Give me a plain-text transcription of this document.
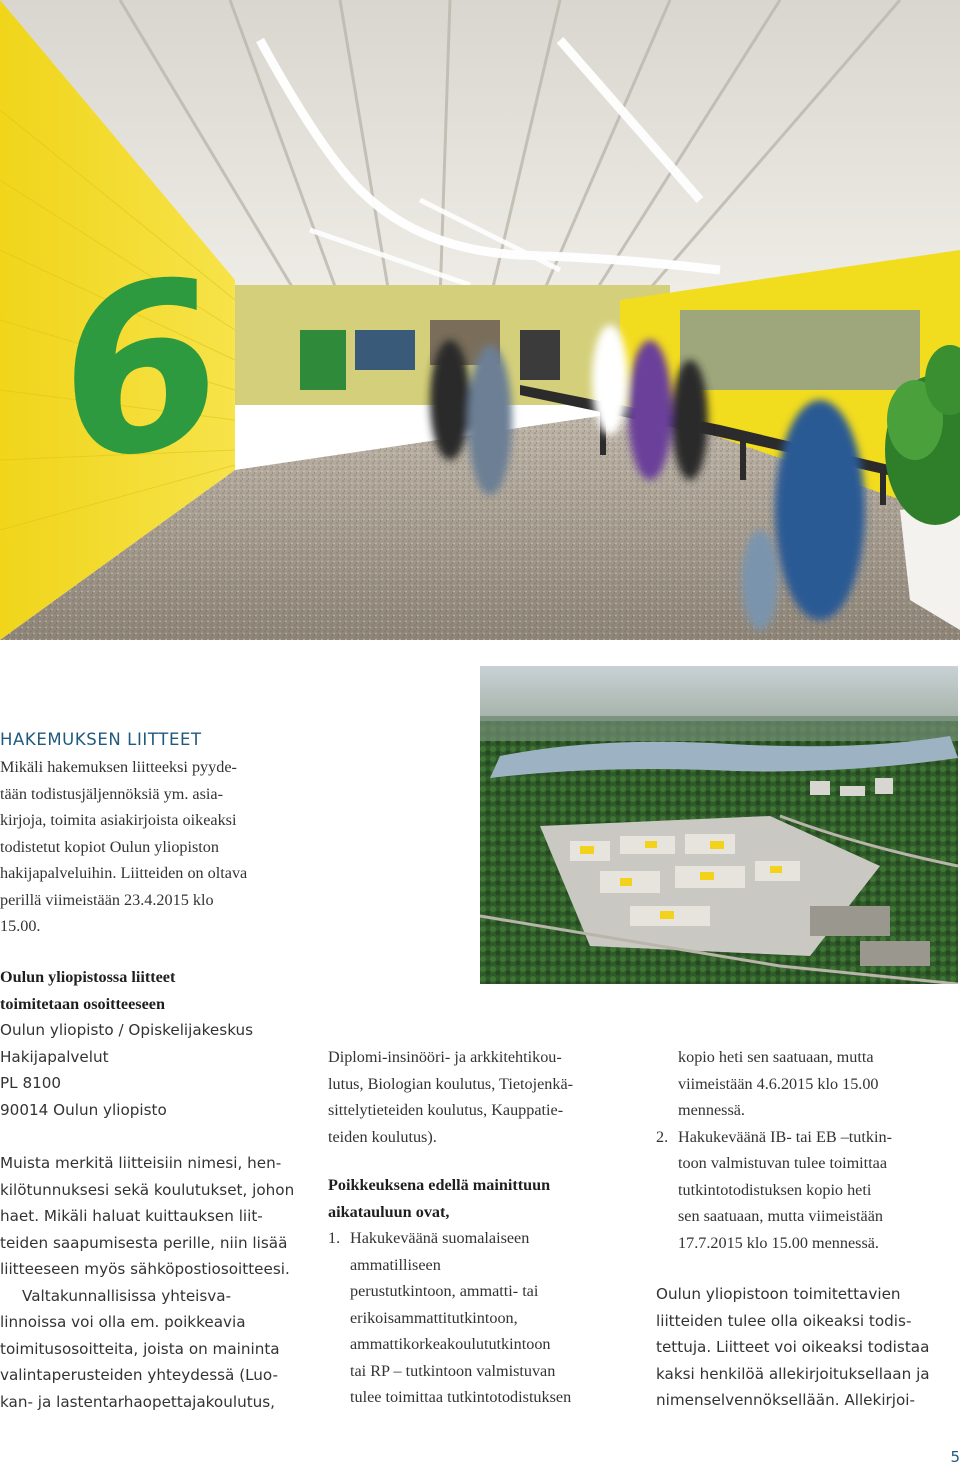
6

HAKEMUKSEN LIITTEET

Mikäli hakemuksen liitteeksi pyyde-
tään todistusjäljennöksiä ym. asia-
kirjoja, toimita asiakirjoista oikeaksi
todistetut kopiot Oulun yliopiston
hakijapalveluihin. Liitteiden on oltava
perillä viimeistään 23.4.2015 klo
15.00.

Oulun yliopistossa liitteet
toimitetaan osoitteeseen

Oulun yliopisto / Opiskelijakeskus
Hakijapalvelut
PL 8100
90014 Oulun yliopisto

Muista merkitä liitteisiin nimesi, hen-
kilötunnuksesi sekä koulutukset, johon
haet. Mikäli haluat kuittauksen liit-
teiden saapumisesta perille, niin lisää
liitteeseen myös sähköpostiosoitteesi.

Valtakunnallisissa yhteisva-
linnoissa voi olla em. poikkeavia
toimitusosoitteita, joista on maininta
valintaperusteiden yhteydessä (Luo-
kan- ja lastentarhaopettajakoulutus,

Diplomi-insinööri- ja arkkitehtikou-
lutus, Biologian koulutus, Tietojenkä-
sittelytieteiden koulutus, Kauppatie-
teiden koulutus).

Poikkeuksena edellä mainittuun
aikatauluun ovat,

1. Hakukeväänä suomalaiseen
ammatilliseen
perustutkintoon, ammatti- tai
erikoisammattitutkintoon,
ammattikorkeakoulututkintoon
tai RP – tutkintoon valmistuvan
tulee toimittaa tutkintotodistuksen
kopio heti sen saatuaan, mutta
viimeistään 4.6.2015 klo 15.00
mennessä.
2. Hakukeväänä IB- tai EB –tutkin-
toon valmistuvan tulee toimittaa
tutkintotodistuksen kopio heti
sen saatuaan, mutta viimeistään
17.7.2015 klo 15.00 mennessä.

Oulun yliopistoon toimitettavien
liitteiden tulee olla oikeaksi todis-
tettuja. Liitteet voi oikeaksi todistaa
kaksi henkilöä allekirjoituksellaan ja
nimenselvennöksellään. Allekirjoi-

5
